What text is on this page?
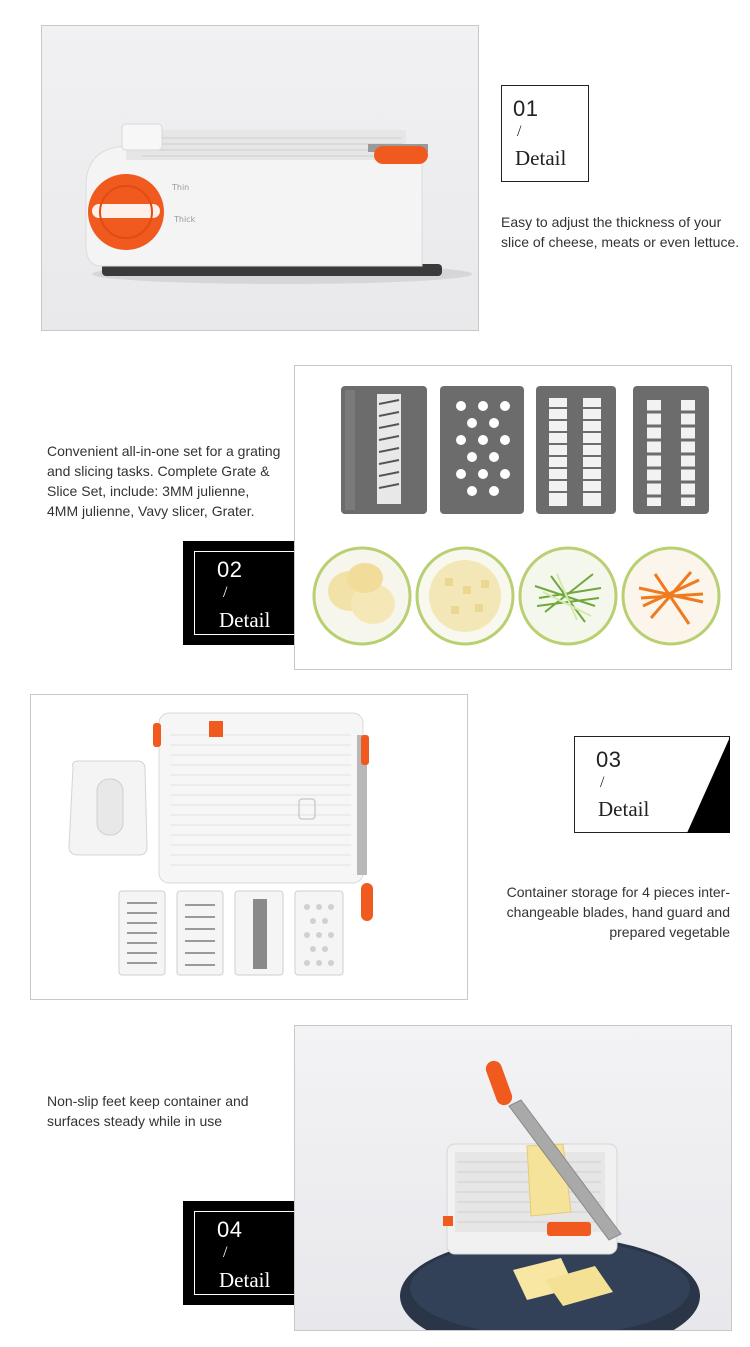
Thin
Thick
01
/
Detail
Easy to adjust the thickness of your
slice of cheese, meats or even lettuce.
Convenient all-in-one set for a grating
and slicing tasks. Complete Grate &
Slice Set, include: 3MM julienne,
4MM julienne, Vavy slicer, Grater.
02
/
Detail
03
/
Detail
Container storage for 4 pieces inter-
changeable blades, hand guard and
prepared vegetable
Non-slip feet keep container and
surfaces steady while in use
04
/
Detail
